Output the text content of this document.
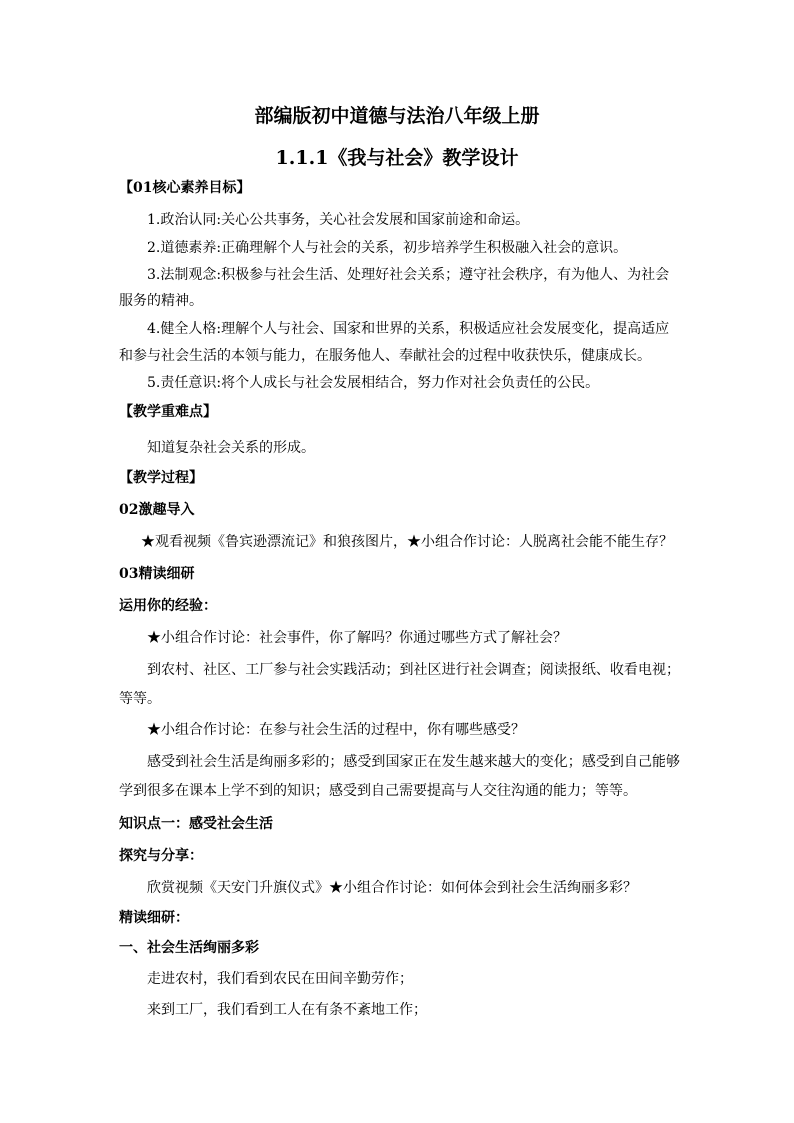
部编版初中道德与法治八年级上册
1.1.1《我与社会》教学设计
【01核心素养目标】
1.政治认同:关心公共事务，关心社会发展和国家前途和命运。
2.道德素养:正确理解个人与社会的关系，初步培养学生积极融入社会的意识。
3.法制观念:积极参与社会生活、处理好社会关系；遵守社会秩序，有为他人、为社会
服务的精神。
4.健全人格:理解个人与社会、国家和世界的关系，积极适应社会发展变化，提高适应
和参与社会生活的本领与能力，在服务他人、奉献社会的过程中收获快乐，健康成长。
5.责任意识:将个人成长与社会发展相结合，努力作对社会负责任的公民。
【教学重难点】
知道复杂社会关系的形成。
【教学过程】
02激趣导入
★观看视频《鲁宾逊漂流记》和狼孩图片，★小组合作讨论：人脱离社会能不能生存？
03精读细研
运用你的经验：
★小组合作讨论：社会事件，你了解吗？你通过哪些方式了解社会？
到农村、社区、工厂参与社会实践活动；到社区进行社会调查；阅读报纸、收看电视；
等等。
★小组合作讨论：在参与社会生活的过程中，你有哪些感受？
感受到社会生活是绚丽多彩的；感受到国家正在发生越来越大的变化；感受到自己能够
学到很多在课本上学不到的知识；感受到自己需要提高与人交往沟通的能力；等等。
知识点一：感受社会生活
探究与分享：
欣赏视频《天安门升旗仪式》★小组合作讨论：如何体会到社会生活绚丽多彩？
精读细研：
一、社会生活绚丽多彩
走进农村，我们看到农民在田间辛勤劳作；
来到工厂，我们看到工人在有条不紊地工作；
